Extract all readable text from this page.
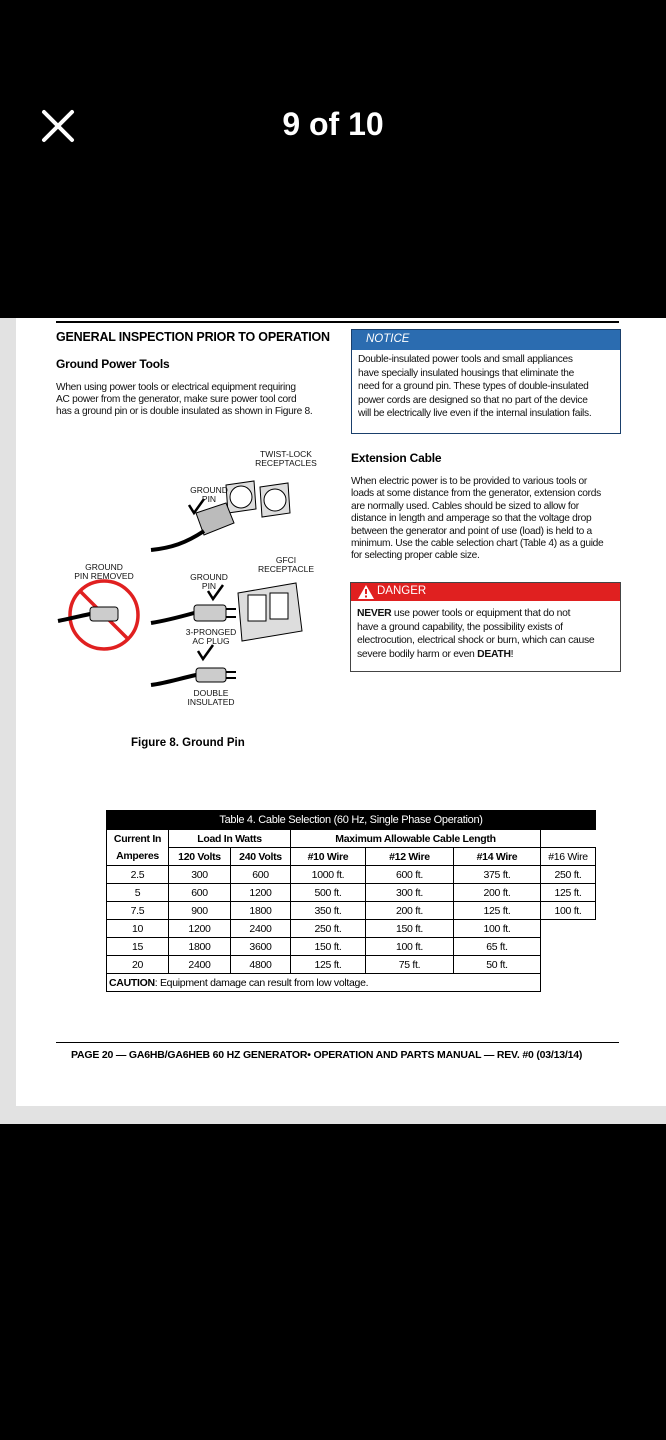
9 of 10
GENERAL INSPECTION PRIOR TO OPERATION
Ground Power Tools
When using power tools or electrical equipment requiring
AC power from the generator, make sure power tool cord
has a ground pin or is double insulated as shown in Figure 8.
NOTICE
Double-insulated power tools and small appliances
have specially insulated housings that eliminate the
need for a ground pin. These types of double-insulated
power cords are designed so that no part of the device
will be electrically live even if the internal insulation fails.
Extension Cable
When electric power is to be provided to various tools or
loads at some distance from the generator, extension cords
are normally used. Cables should be sized to allow for
distance in length and amperage so that the voltage drop
between the generator and point of use (load) is held to a
minimum. Use the cable selection chart (Table 4) as a guide
for selecting proper cable size.
DANGER
NEVER use power tools or equipment that do not
have a ground capability, the possibility exists of
electrocution, electrical shock or burn, which can cause
severe bodily harm or even DEATH!
TWIST-LOCK
RECEPTACLES
GROUND
PIN
GFCI
RECEPTACLE
GROUND
PIN REMOVED	GROUND
PIN
3-PRONGED
AC PLUG
DOUBLE
INSULATED
Figure 8. Ground Pin
Table 4. Cable Selection (60 Hz, Single Phase Operation)						
Current In	Load In Watts		Maximum Allowable Cable Length			
Amperes	120 Volts	240 Volts	#10 Wire	#12 Wire	#14 Wire	#16 Wire
2.5	300	600	1000 ft.	600 ft.	375 ft.	250 ft.
5	600	1200	500 ft.	300 ft.	200 ft.	125 ft.
7.5	900	1800	350 ft.	200 ft.	125 ft.	100 ft.
10	1200	2400	250 ft.	150 ft.	100 ft.	
15	1800	3600	150 ft.	100 ft.	65 ft.	
20	2400	4800	125 ft.	75 ft.	50 ft.	
CAUTION: Equipment damage can result from low voltage.						
PAGE 20 — GA6HB/GA6HEB 60 HZ GENERATOR• OPERATION AND PARTS MANUAL — REV. #0 (03/13/14)
